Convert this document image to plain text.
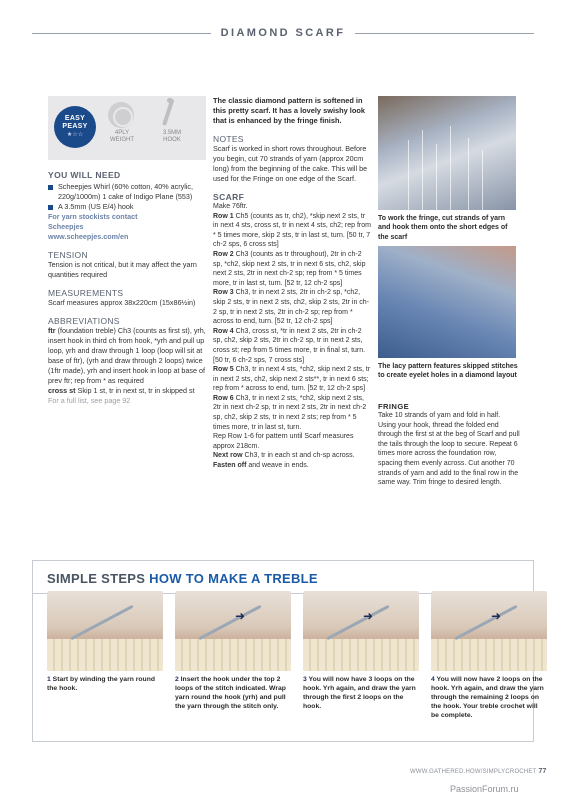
DIAMOND SCARF
EASY
PEASY
★☆☆	4PLY
WEIGHT
3.5MM
HOOK
YOU WILL NEED
Scheepjes Whirl (60% cotton, 40% acrylic, 220g/1000m) 1 cake of Indigo Plane (553)
A 3.5mm (US E/4) hook
For yarn stockists contact
Scheepjes
www.scheepjes.com/en
TENSION
Tension is not critical, but it may affect the yarn quantities required
MEASUREMENTS
Scarf measures approx 38x220cm (15x86½in)
ABBREVIATIONS
ftr (foundation treble) Ch3 (counts as first st), yrh, insert hook in third ch from hook, *yrh and pull up loop, yrh and draw through 1 loop (loop will sit at base of ftr), (yrh and draw through 2 loops) twice (1ftr made), yrh and insert hook in loop at base of prev ftr; rep from * as required
cross st Skip 1 st, tr in next st, tr in skipped st
For a full list, see page 92
The classic diamond pattern is softened in this pretty scarf. It has a lovely swishy look that is enhanced by the fringe finish.
NOTES
Scarf is worked in short rows throughout. Before you begin, cut 70 strands of yarn (approx 20cm long) from the beginning of the cake. This will be used for the Fringe on one edge of the Scarf.
SCARF

Make 76ftr.

Row 1 Ch5 (counts as tr, ch2), *skip next 2 sts, tr in next 4 sts, cross st, tr in next 4 sts, ch2; rep from * 5 times more, skip 2 sts, tr in last st, turn. [50 tr, 7 ch-2 sps, 6 cross sts]

Row 2 Ch3 (counts as tr throughout), 2tr in ch-2 sp, *ch2, skip next 2 sts, tr in next 6 sts, ch2, skip next 2 sts, 2tr in next ch-2 sp; rep from * 5 times more, tr in last st, turn. [52 tr, 12 ch-2 sps]

Row 3 Ch3, tr in next 2 sts, 2tr in ch-2 sp, *ch2, skip 2 sts, tr in next 2 sts, ch2, skip 2 sts, 2tr in ch-2 sp, tr in next 2 sts, 2tr in ch-2 sp; rep from * across to end, turn. [52 tr, 12 ch-2 sps]

Row 4 Ch3, cross st, *tr in next 2 sts, 2tr in ch-2 sp, ch2, skip 2 sts, 2tr in ch-2 sp, tr in next 2 sts, cross st; rep from 5 times more, tr in final st, turn. [50 tr, 6 ch-2 sps, 7 cross sts]

Row 5 Ch3, tr in next 4 sts, *ch2, skip next 2 sts, tr in next 2 sts, ch2, skip next 2 sts**, tr in next 6 sts; rep from * across to end, turn. [52 tr, 12 ch-2 sps]

Row 6 Ch3, tr in next 2 sts, *ch2, skip next 2 sts, 2tr in next ch-2 sp, tr in next 2 sts, 2tr in next ch-2 sp, ch2, skip 2 sts, tr in next 2 sts; rep from * 5 times more, tr in last st, turn.

Rep Row 1-6 for pattern until Scarf measures approx 218cm.

Next row Ch3, tr in each st and ch-sp across.

Fasten off and weave in ends.

To work the fringe, cut strands of yarn and hook them onto the short edges of the scarf
The lacy pattern features skipped stitches to create eyelet holes in a diamond layout
FRINGE
Take 10 strands of yarn and fold in half. Using your hook, thread the folded end through the first st at the beg of Scarf and pull the tails through the loop to secure. Repeat 6 times more across the foundation row, spacing them evenly across. Cut another 70 strands of yarn and add to the final row in the same way. Trim fringe to desired length.
SIMPLE STEPS HOW TO MAKE A TREBLE
1 Start by winding the yarn round the hook.
➜
2 Insert the hook under the top 2 loops of the stitch indicated. Wrap yarn round the hook (yrh) and pull the yarn through the stitch only.
➜
3 You will now have 3 loops on the hook. Yrh again, and draw the yarn through the first 2 loops on the hook.
➜
4 You will now have 2 loops on the hook. Yrh again, and draw the yarn through the remaining 2 loops on the hook. Your treble crochet will be complete.
WWW.GATHERED.HOW/SIMPLYCROCHET 77
PassionForum.ru
